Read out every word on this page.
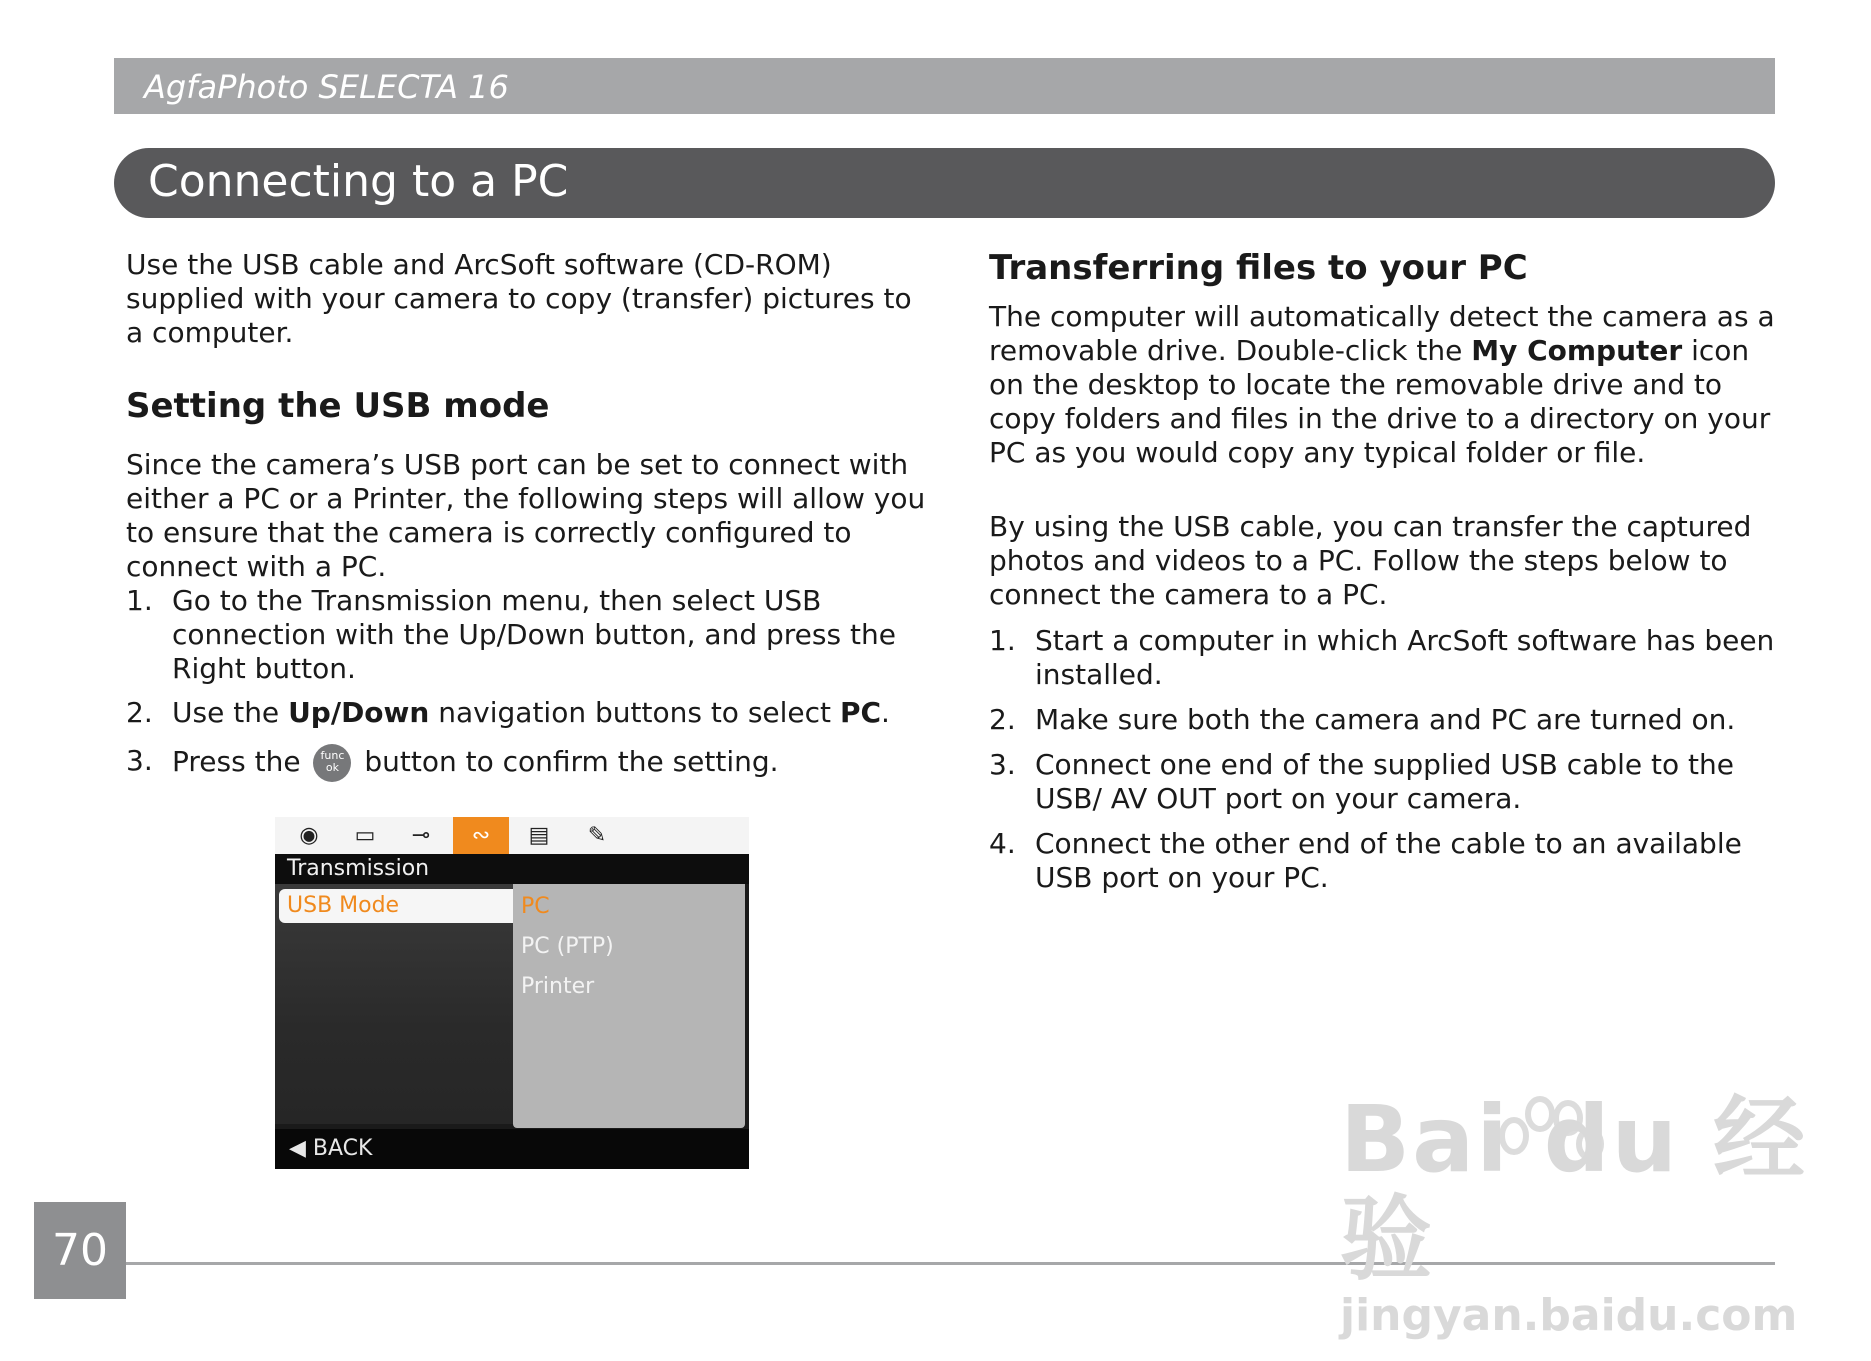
AgfaPhoto SELECTA 16
Connecting to a PC

Use the USB cable and ArcSoft software (CD-ROM) supplied with your camera to copy (transfer) pictures to a computer.

Setting the USB mode

Since the camera’s USB port can be set to connect with either a PC or a Printer, the following steps will allow you to ensure that the camera is correctly configured to connect with a PC.

1. Go to the Transmission menu, then select USB connection with the Up/Down button, and press the Right button.
2. Use the Up/Down navigation buttons to select PC.
3. Press the func
ok button to confirm the setting.
◉	▭	⊸	∾	▤	✎
Transmission
USB Mode	PC
PC (PTP)
Printer
◀ BACK
Transferring files to your PC

The computer will automatically detect the camera as a removable drive. Double-click the My Computer icon on the desktop to locate the removable drive and to copy folders and files in the drive to a directory on your PC as you would copy any typical folder or file.

By using the USB cable, you can transfer the captured photos and videos to a PC. Follow the steps below to connect the camera to a PC.

1. Start a computer in which ArcSoft software has been installed.
2. Make sure both the camera and PC are turned on.
3. Connect one end of the supplied USB cable to the USB/ AV OUT port on your camera.
4. Connect the other end of the cable to an available USB port on your PC.
70
Bai du 经验
jingyan.baidu.com
